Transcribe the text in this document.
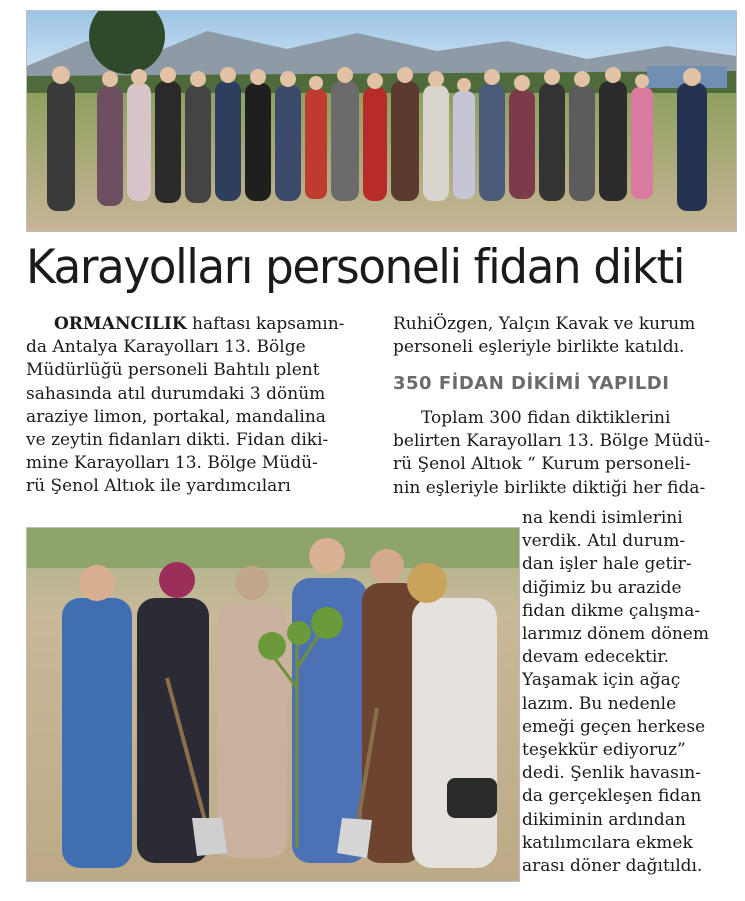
Karayolları personeli fidan dikti
ORMANCILIK haftası kapsamın-
da Antalya Karayolları 13. Bölge
Müdürlüğü personeli Bahtılı plent
sahasında atıl durumdaki 3 dönüm
araziye limon, portakal, mandalina
ve zeytin fidanları dikti. Fidan diki-
mine Karayolları 13. Bölge Müdü-
rü Şenol Altıok ile yardımcıları
RuhiÖzgen, Yalçın Kavak ve kurum
personeli eşleriyle birlikte katıldı.
350 FİDAN DİKİMİ YAPILDI
Toplam 300 fidan diktiklerini
belirten Karayolları 13. Bölge Müdü-
rü Şenol Altıok “ Kurum personeli-
nin eşleriyle birlikte diktiği her fida-
na kendi isimlerini
verdik. Atıl durum-
dan işler hale getir-
diğimiz bu arazide
fidan dikme çalışma-
larımız dönem dönem
devam edecektir.
Yaşamak için ağaç
lazım. Bu nedenle
emeği geçen herkese
teşekkür ediyoruz”
dedi. Şenlik havasın-
da gerçekleşen fidan
dikiminin ardından
katılımcılara ekmek
arası döner dağıtıldı.
